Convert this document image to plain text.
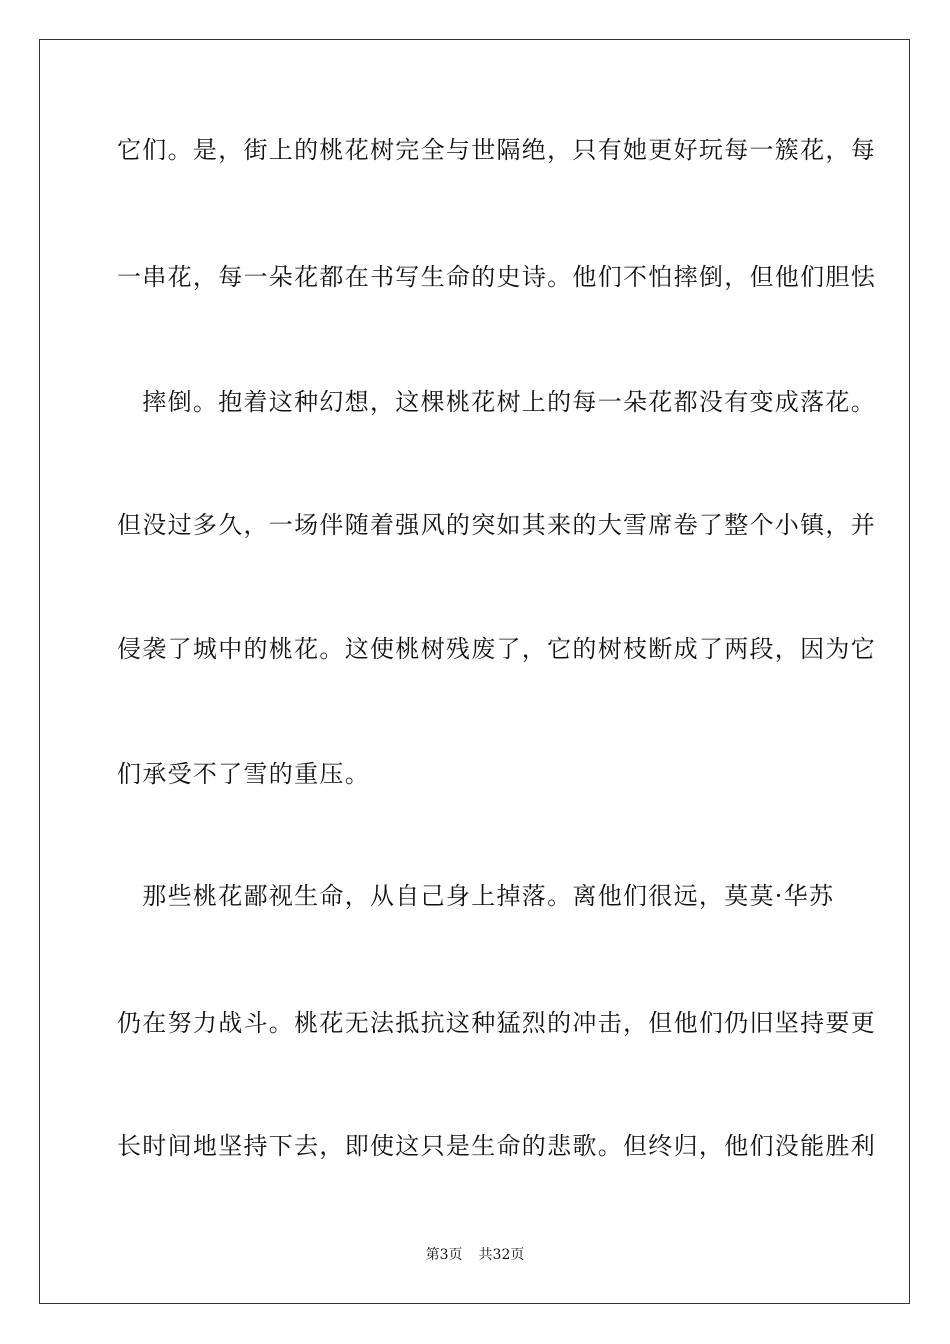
它们。是，街上的桃花树完全与世隔绝，只有她更好玩每一簇花，每
一串花，每一朵花都在书写生命的史诗。他们不怕摔倒，但他们胆怯
　摔倒。抱着这种幻想，这棵桃花树上的每一朵花都没有变成落花。
但没过多久，一场伴随着强风的突如其来的大雪席卷了整个小镇，并
侵袭了城中的桃花。这使桃树残废了，它的树枝断成了两段，因为它
们承受不了雪的重压。
　那些桃花鄙视生命，从自己身上掉落。离他们很远，莫莫·华苏
仍在努力战斗。桃花无法抵抗这种猛烈的冲击，但他们仍旧坚持要更
长时间地坚持下去，即使这只是生命的悲歌。但终归，他们没能胜利
第3页 共32页
